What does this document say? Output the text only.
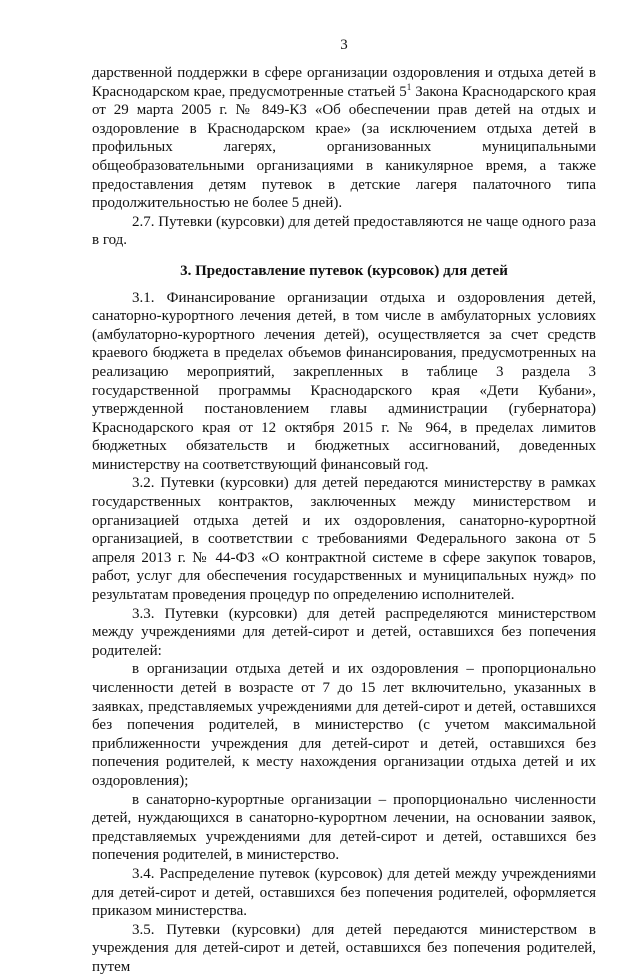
3

дарственной поддержки в сфере организации оздоровления и отдыха детей в Краснодарском крае, предусмотренные статьей $5^1$ Закона Краснодарского края от 29 марта 2005 г. № 849-КЗ «Об обеспечении прав детей на отдых и оздоровление в Краснодарском крае» (за исключением отдыха детей в профильных лагерях, организованных муниципальными общеобразовательными организациями в каникулярное время, а также предоставления детям путевок в детские лагеря палаточного типа продолжительностью не более 5 дней).

2.7. Путевки (курсовки) для детей предоставляются не чаще одного раза в год.

3. Предоставление путевок (курсовок) для детей

3.1. Финансирование организации отдыха и оздоровления детей, санаторно-курортного лечения детей, в том числе в амбулаторных условиях (амбулаторно-курортного лечения детей), осуществляется за счет средств краевого бюджета в пределах объемов финансирования, предусмотренных на реализацию мероприятий, закрепленных в таблице 3 раздела 3 государственной программы Краснодарского края «Дети Кубани», утвержденной постановлением главы администрации (губернатора) Краснодарского края от 12 октября 2015 г. № 964, в пределах лимитов бюджетных обязательств и бюджетных ассигнований, доведенных министерству на соответствующий финансовый год.

3.2. Путевки (курсовки) для детей передаются министерству в рамках государственных контрактов, заключенных между министерством и организацией отдыха детей и их оздоровления, санаторно-курортной организацией, в соответствии с требованиями Федерального закона от 5 апреля 2013 г. № 44-ФЗ «О контрактной системе в сфере закупок товаров, работ, услуг для обеспечения государственных и муниципальных нужд» по результатам проведения процедур по определению исполнителей.

3.3. Путевки (курсовки) для детей распределяются министерством между учреждениями для детей-сирот и детей, оставшихся без попечения родителей:

в организации отдыха детей и их оздоровления – пропорционально численности детей в возрасте от 7 до 15 лет включительно, указанных в заявках, представляемых учреждениями для детей-сирот и детей, оставшихся без попечения родителей, в министерство (с учетом максимальной приближенности учреждения для детей-сирот и детей, оставшихся без попечения родителей, к месту нахождения организации отдыха детей и их оздоровления);

в санаторно-курортные организации – пропорционально численности детей, нуждающихся в санаторно-курортном лечении, на основании заявок, представляемых учреждениями для детей-сирот и детей, оставшихся без попечения родителей, в министерство.

3.4. Распределение путевок (курсовок) для детей между учреждениями для детей-сирот и детей, оставшихся без попечения родителей, оформляется приказом министерства.

3.5. Путевки (курсовки) для детей передаются министерством в учреждения для детей-сирот и детей, оставшихся без попечения родителей, путем
